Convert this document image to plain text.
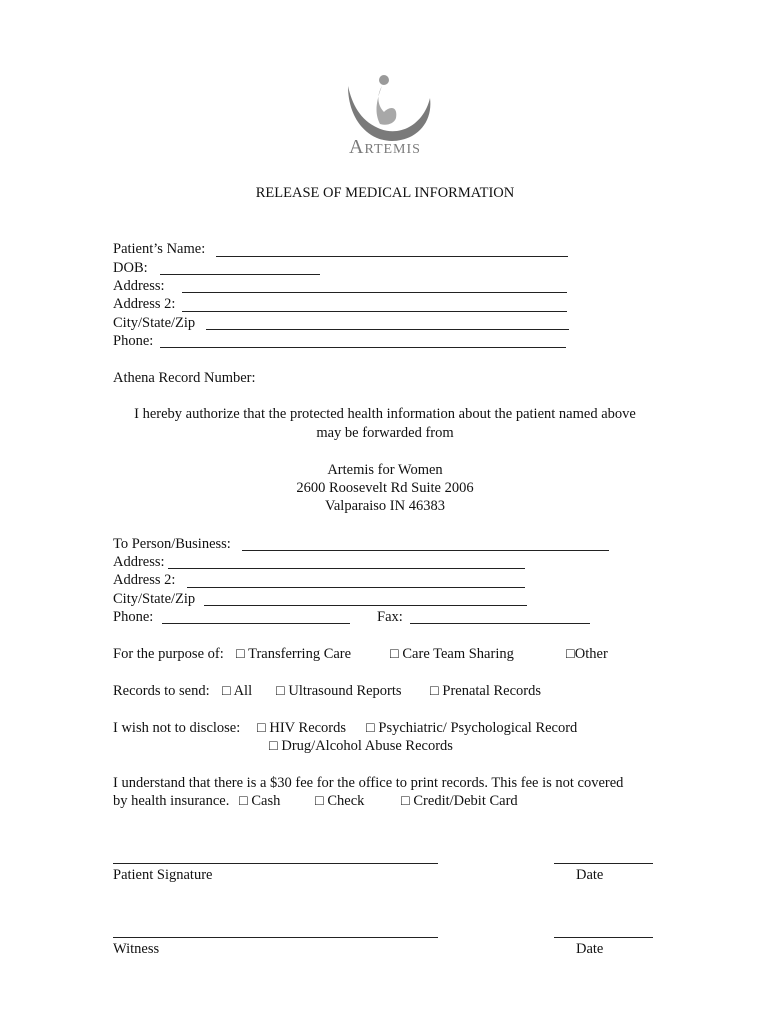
Artemis
RELEASE OF MEDICAL INFORMATION
Patient’s Name:
DOB:
Address:
Address 2:
City/State/Zip
Phone:
Athena Record Number:
I hereby authorize that the protected health information about the patient named above
may be forwarded from
Artemis for Women
2600 Roosevelt Rd Suite 2006
Valparaiso IN 46383
To Person/Business:
Address:
Address 2:
City/State/Zip
Phone:	Fax:
For the purpose of: □ Transferring Care	□ Care Team Sharing	□Other
Records to send: □ All □ Ultrasound Reports □ Prenatal Records
I wish not to disclose: □ HIV Records □ Psychiatric/ Psychological Record
□ Drug/Alcohol Abuse Records
I understand that there is a $30 fee for the office to print records. This fee is not covered
by health insurance. □ Cash □ Check	□ Credit/Debit Card
Patient Signature	Date
Witness	Date
